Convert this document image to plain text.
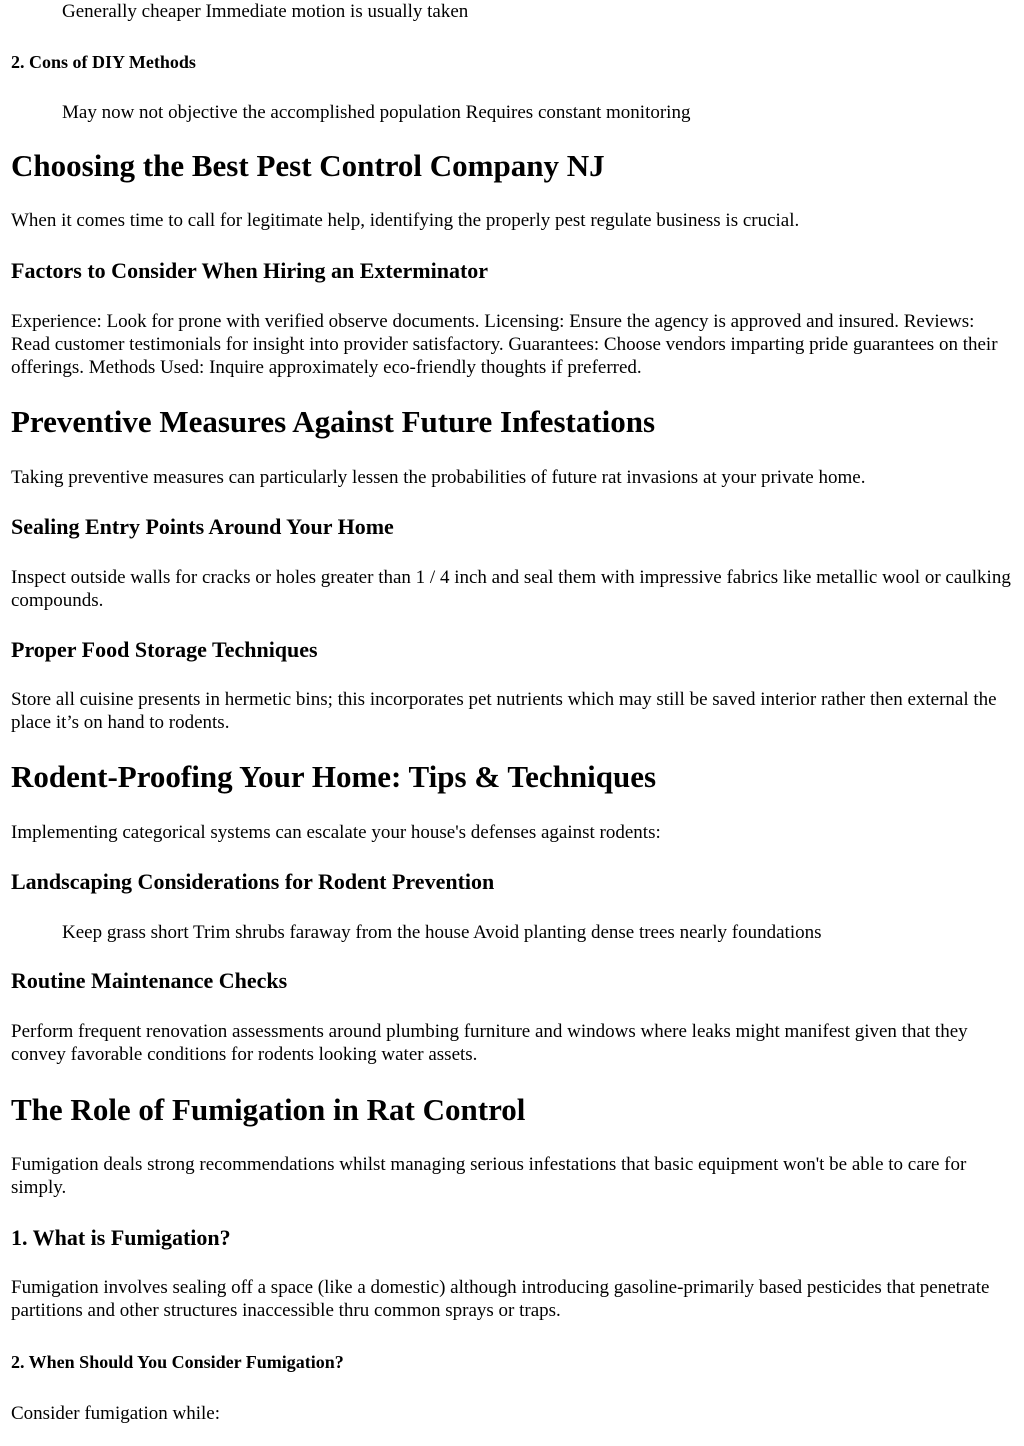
Generally cheaper Immediate motion is usually taken

2. Cons of DIY Methods

May now not objective the accomplished population Requires constant monitoring

Choosing the Best Pest Control Company NJ

When it comes time to call for legitimate help, identifying the properly pest regulate business is crucial.

Factors to Consider When Hiring an Exterminator

Experience: Look for prone with verified observe documents. Licensing: Ensure the agency is approved and insured. Reviews: Read customer testimonials for insight into provider satisfactory. Guarantees: Choose vendors imparting pride guarantees on their offerings. Methods Used: Inquire approximately eco-friendly thoughts if preferred.

Preventive Measures Against Future Infestations

Taking preventive measures can particularly lessen the probabilities of future rat invasions at your private home.

Sealing Entry Points Around Your Home

Inspect outside walls for cracks or holes greater than 1 / 4 inch and seal them with impressive fabrics like metallic wool or caulking compounds.

Proper Food Storage Techniques

Store all cuisine presents in hermetic bins; this incorporates pet nutrients which may still be saved interior rather then external the place it’s on hand to rodents.

Rodent-Proofing Your Home: Tips & Techniques

Implementing categorical systems can escalate your house's defenses against rodents:

Landscaping Considerations for Rodent Prevention

Keep grass short Trim shrubs faraway from the house Avoid planting dense trees nearly foundations

Routine Maintenance Checks

Perform frequent renovation assessments around plumbing furniture and windows where leaks might manifest given that they convey favorable conditions for rodents looking water assets.

The Role of Fumigation in Rat Control

Fumigation deals strong recommendations whilst managing serious infestations that basic equipment won't be able to care for simply.

1. What is Fumigation?

Fumigation involves sealing off a space (like a domestic) although introducing gasoline-primarily based pesticides that penetrate partitions and other structures inaccessible thru common sprays or traps.

2. When Should You Consider Fumigation?

Consider fumigation while:
